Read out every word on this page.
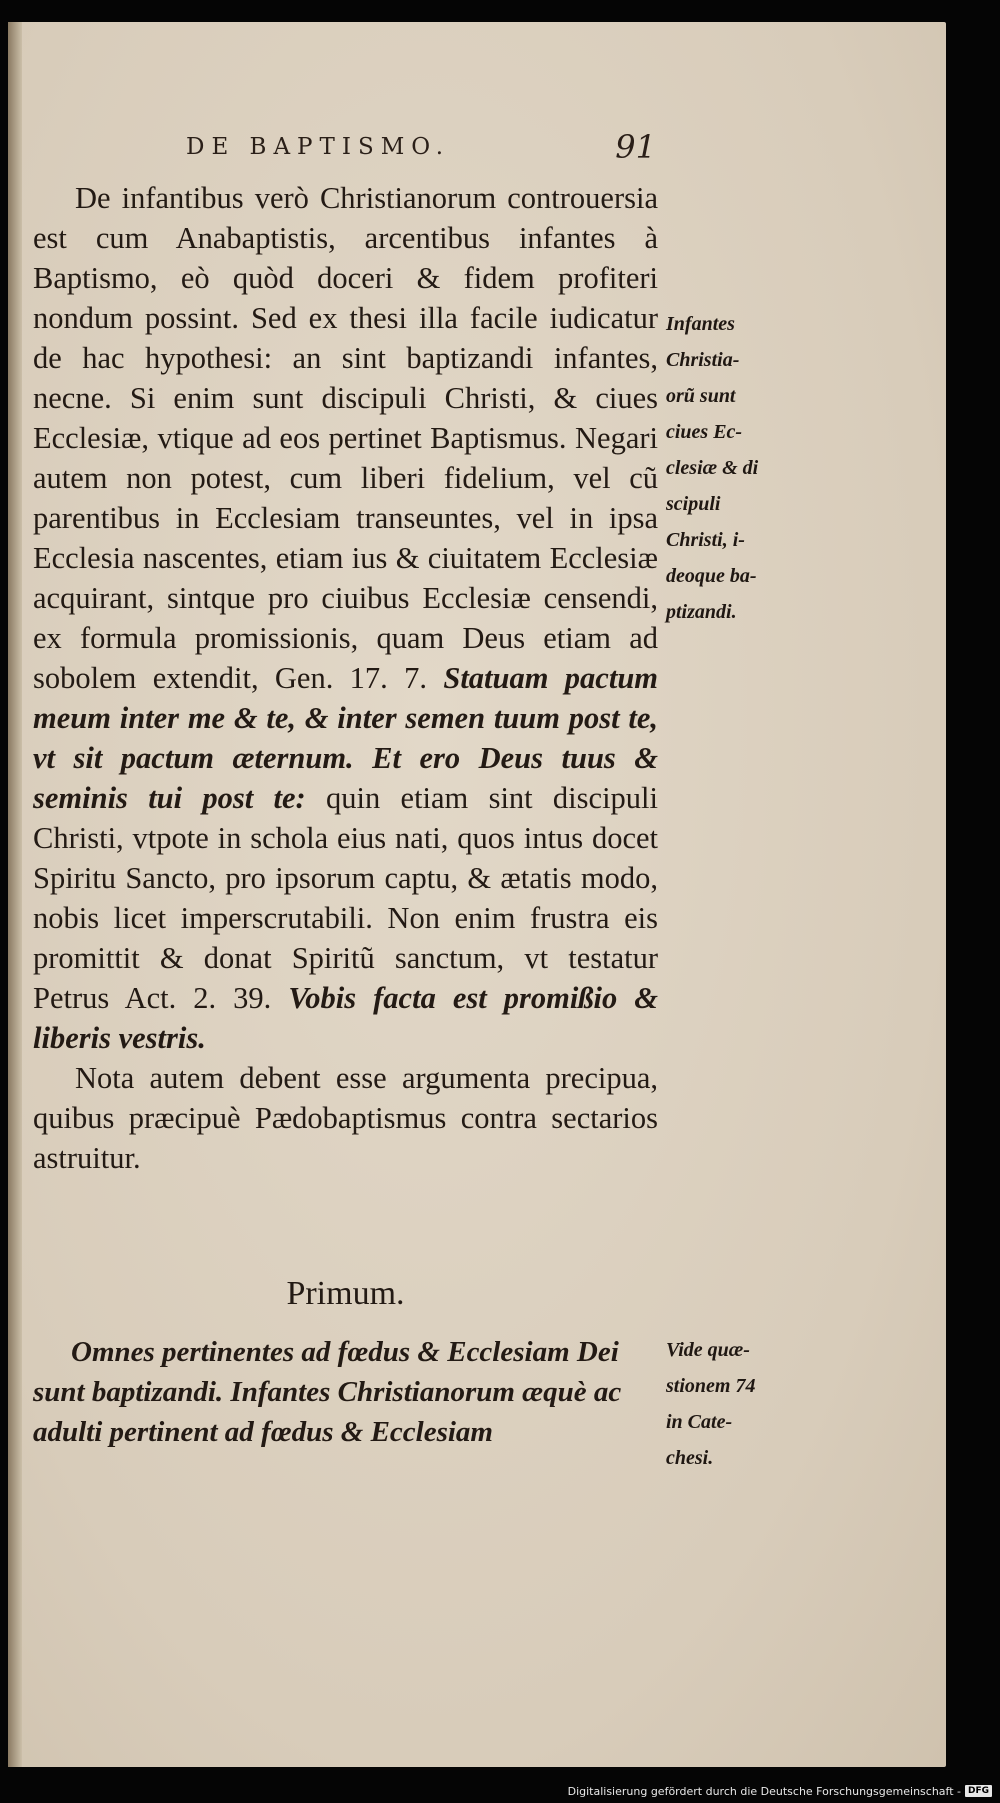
DE BAPTISMO.	91

De infantibus verò Christianorum controuersia est cum Anabaptistis, arcentibus infantes à Baptismo, eò quòd doceri & fidem profiteri nondum possint. Sed ex thesi illa facile iudicatur de hac hypothesi: an sint baptizandi infantes, necne. Si enim sunt discipuli Christi, & ciues Ecclesiæ, vtique ad eos pertinet Baptismus. Negari autem non potest, cum liberi fidelium, vel cũ parentibus in Ecclesiam transeuntes, vel in ipsa Ecclesia nascentes, etiam ius & ciuitatem Ecclesiæ acquirant, sintque pro ciuibus Ecclesiæ censendi, ex formula promissionis, quam Deus etiam ad sobolem extendit, Gen. 17. 7. Statuam pactum meum inter me & te, & inter semen tuum post te, vt sit pactum æternum. Et ero Deus tuus & seminis tui post te: quin etiam sint discipuli Christi, vtpote in schola eius nati, quos intus docet Spiritu Sancto, pro ipsorum captu, & ætatis modo, nobis licet imperscrutabili. Non enim frustra eis promittit & donat Spiritũ sanctum, vt testatur Petrus Act. 2. 39. Vobis facta est promißio & liberis vestris.

Nota autem debent esse argumenta precipua, quibus præcipuè Pædobaptismus contra sectarios astruitur.

Primum.

Omnes pertinentes ad fœdus & Ecclesiam Dei sunt baptizandi. Infantes Christianorum æquè ac adulti pertinent ad fœdus & Ecclesiam

Infantes
Christia-
orũ sunt
ciues Ec-
clesiæ & di
scipuli
Christi, i-
deoque ba-
ptizandi.
Vide quæ-
stionem 74
in Cate-
chesi.
Digitalisierung gefördert durch die Deutsche Forschungsgemeinschaft - DFG
